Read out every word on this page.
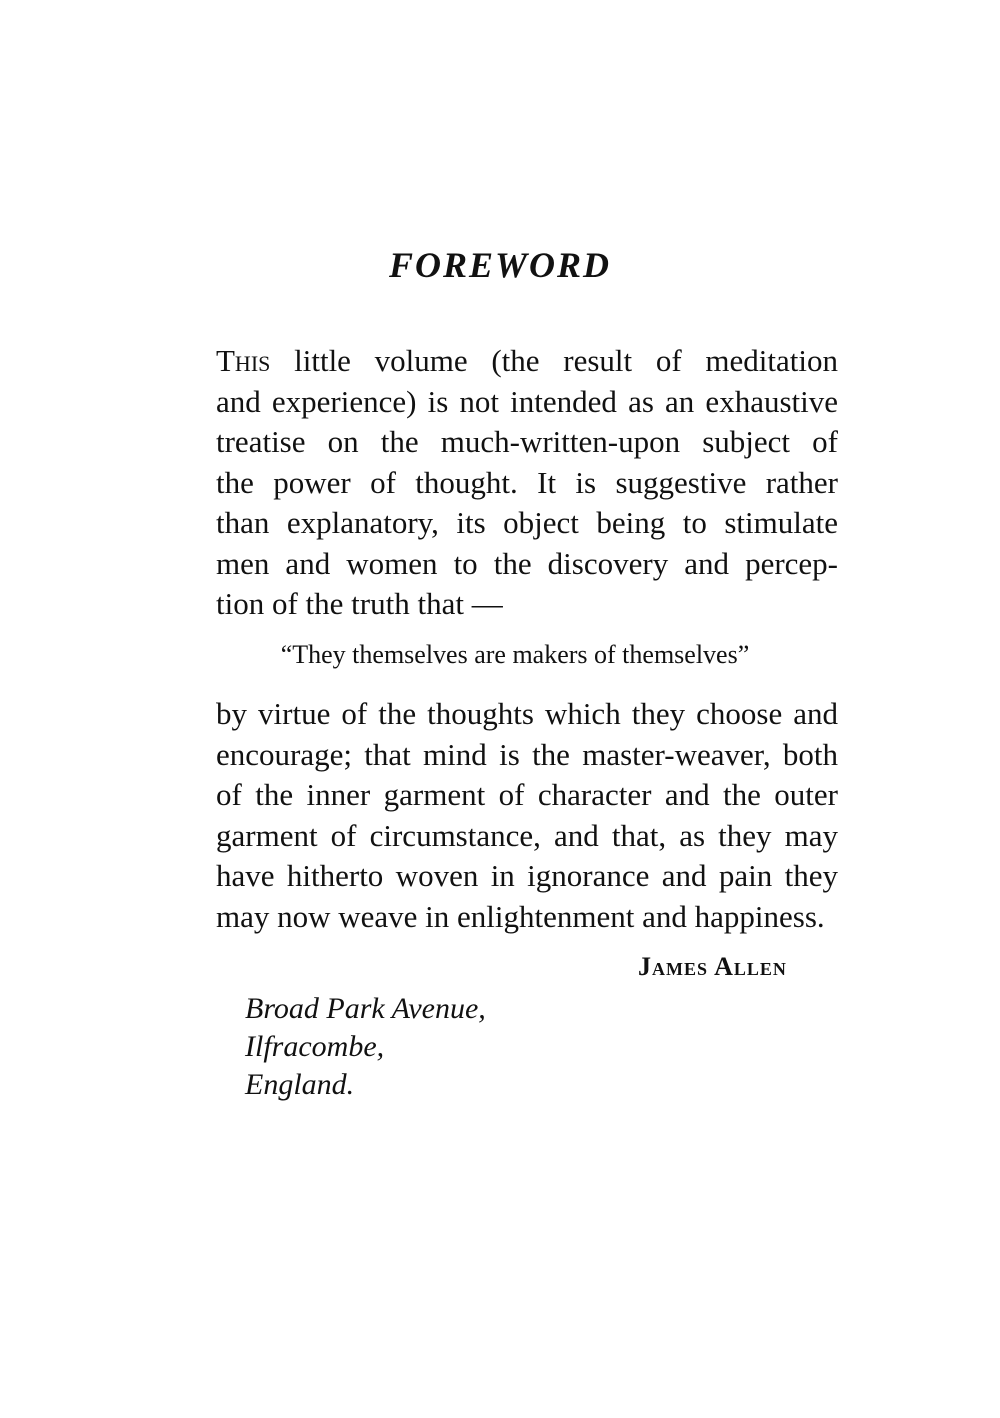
FOREWORD

This little volume (the result of meditation
and experience) is not intended as an exhaustive
treatise on the much-written-upon subject of
the power of thought. It is suggestive rather
than explanatory, its object being to stimulate
men and women to the discovery and percep-
tion of the truth that —

“They themselves are makers of themselves”

by virtue of the thoughts which they choose and
encourage; that mind is the master-weaver, both
of the inner garment of character and the outer
garment of circumstance, and that, as they may
have hitherto woven in ignorance and pain they
may now weave in enlightenment and happiness.

James Allen

Broad Park Avenue,
Ilfracombe,
England.
